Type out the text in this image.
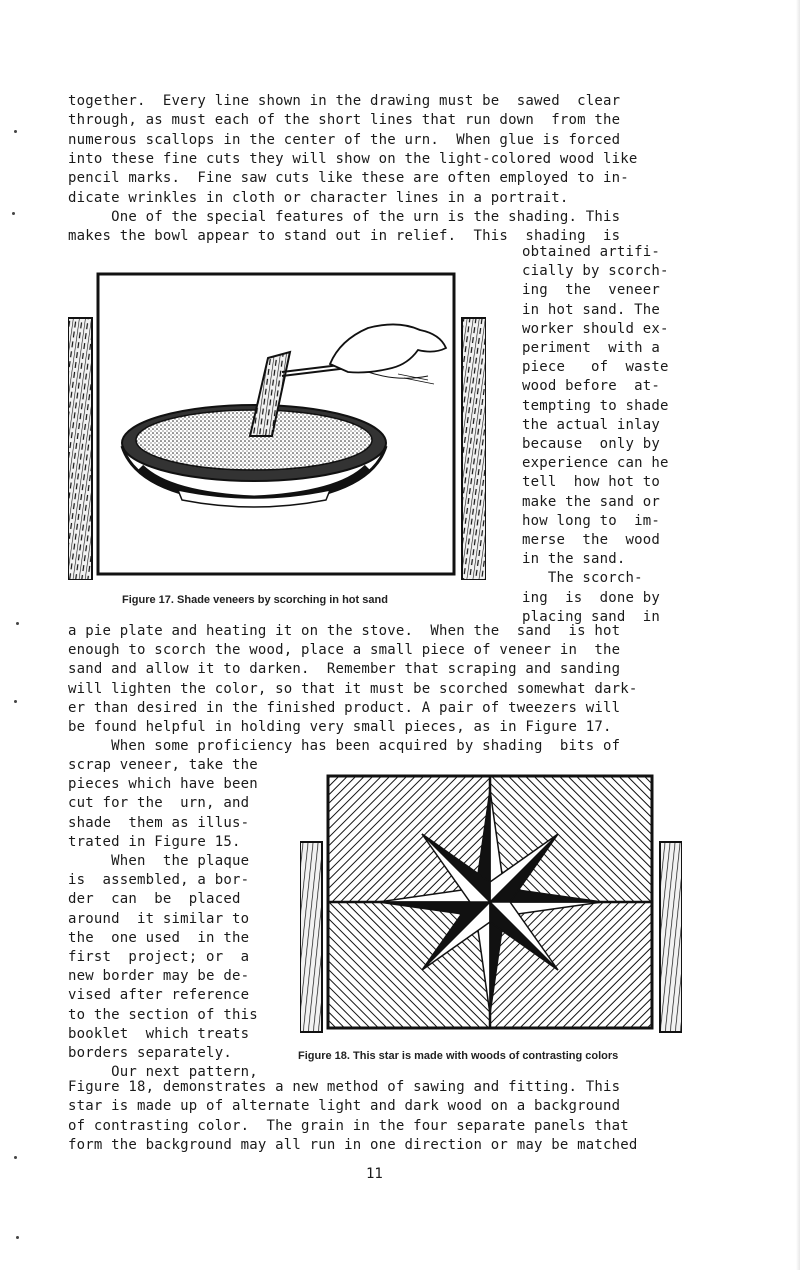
together.  Every line shown in the drawing must be  sawed  clear
through, as must each of the short lines that run down  from the
numerous scallops in the center of the urn.  When glue is forced
into these fine cuts they will show on the light-colored wood like
pencil marks.  Fine saw cuts like these are often employed to in-
dicate wrinkles in cloth or character lines in a portrait.
One of the special features of the urn is the shading. This
makes the bowl appear to stand out in relief.  This  shading  is
obtained artifi-
cially by scorch-
ing  the  veneer
in hot sand. The
worker should ex-
periment  with a
piece   of  waste
wood before  at-
tempting to shade
the actual inlay
because  only by
experience can he
tell  how hot to
make the sand or
how long to  im-
merse  the  wood
in the sand.
The scorch-
ing  is  done by
placing sand  in
a pie plate and heating it on the stove.  When the  sand  is hot
enough to scorch the wood, place a small piece of veneer in  the
sand and allow it to darken.  Remember that scraping and sanding
will lighten the color, so that it must be scorched somewhat dark-
er than desired in the finished product. A pair of tweezers will
be found helpful in holding very small pieces, as in Figure 17.
When some proficiency has been acquired by shading  bits of
scrap veneer, take the
pieces which have been
cut for the  urn, and
shade  them as illus-
trated in Figure 15.
When  the plaque
is  assembled, a bor-
der  can  be  placed
around  it similar to
the  one used  in the
first  project; or  a
new border may be de-
vised after reference
to the section of this
booklet  which treats
borders separately.
Our next pattern,
Figure 18, demonstrates a new method of sawing and fitting. This
star is made up of alternate light and dark wood on a background
of contrasting color.  The grain in the four separate panels that
form the background may all run in one direction or may be matched
Figure 17. Shade veneers by scorching in hot sand
Figure 18. This star is made with woods of contrasting colors
11
